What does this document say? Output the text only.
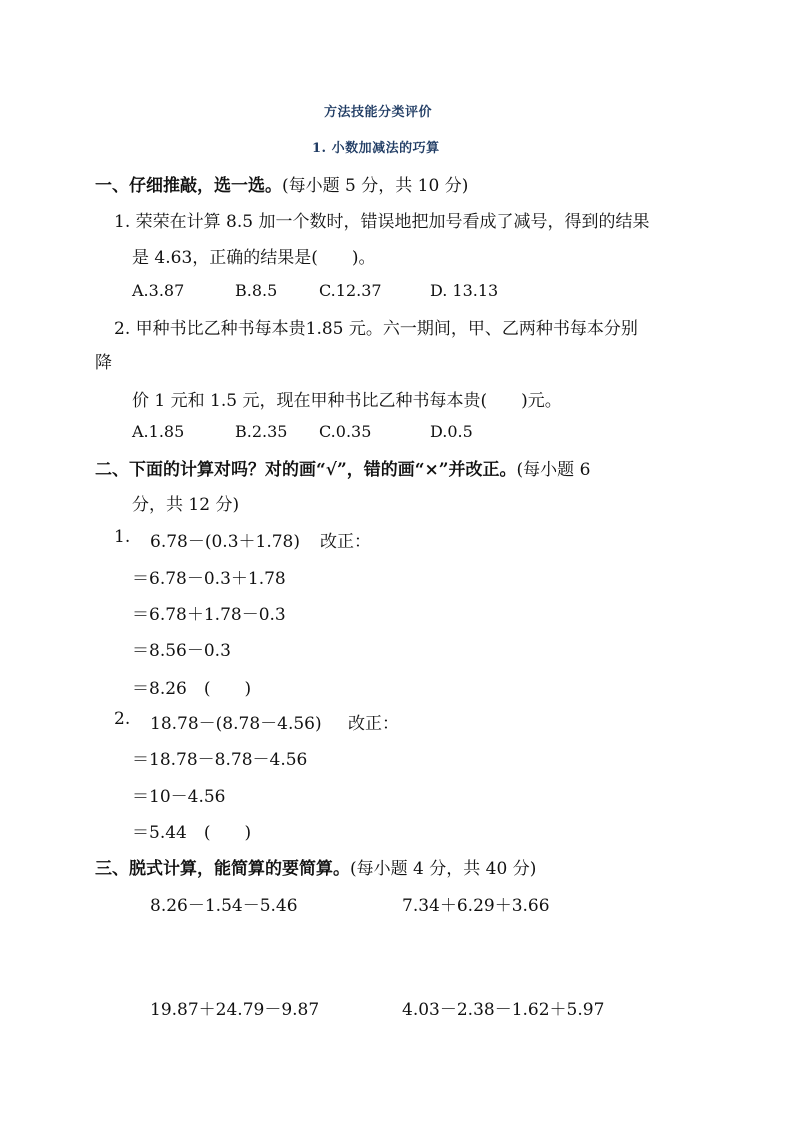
方法技能分类评价
1. 小数加减法的巧算
一、仔细推敲，选一选。(每小题 5 分，共 10 分)
1. 荣荣在计算 8.5 加一个数时，错误地把加号看成了减号，得到的结果
是 4.63，正确的结果是(　　)。
A.3.87	B.8.5	C.12.37	D. 13.13
2. 甲种书比乙种书每本贵1.85 元。六一期间，甲、乙两种书每本分别
降
价 1 元和 1.5 元，现在甲种书比乙种书每本贵(　　)元。
A.1.85	B.2.35 C.0.35	D.0.5
二、下面的计算对吗？对的画“√”，错的画“×”并改正。(每小题 6
分，共 12 分)
1. 6.78－(0.3＋1.78) 改正：
＝6.78－0.3＋1.78
＝6.78＋1.78－0.3
＝8.56－0.3
＝8.26　(　　)
2. 18.78－(8.78－4.56) 改正：
＝18.78－8.78－4.56
＝10－4.56
＝5.44　(　　)
三、脱式计算，能简算的要简算。(每小题 4 分，共 40 分)
8.26－1.54－5.46	7.34＋6.29＋3.66
19.87＋24.79－9.87	4.03－2.38－1.62＋5.97
